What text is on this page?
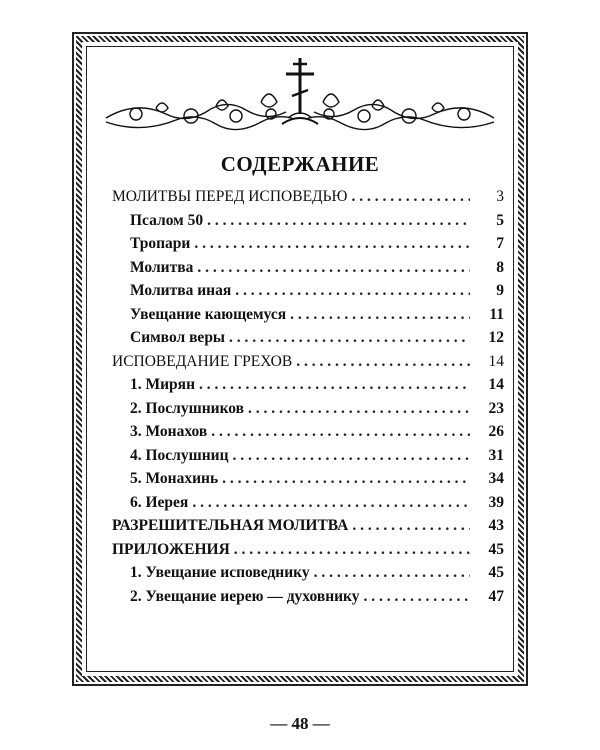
СОДЕРЖАНИЕ
МОЛИТВЫ ПЕРЕД ИСПОВЕДЬЮ . . .	3
Псалом 50 . . .	5
Тропари . . .	7
Молитва . . .	8
Молитва иная . . .	9
Увещание кающемуся . . .	11
Символ веры . . .	12
ИСПОВЕДАНИЕ ГРЕХОВ . . .	14
1. Мирян . . .	14
2. Послушников . . .	23
3. Монахов . . .	26
4. Послушниц . . .	31
5. Монахинь . . .	34
6. Иерея . . .	39
РАЗРЕШИТЕЛЬНАЯ МОЛИТВА . . .	43
ПРИЛОЖЕНИЯ . . .	45
1. Увещание исповеднику . . .	45
2. Увещание иерею — духовнику . . .	47
— 48 —
